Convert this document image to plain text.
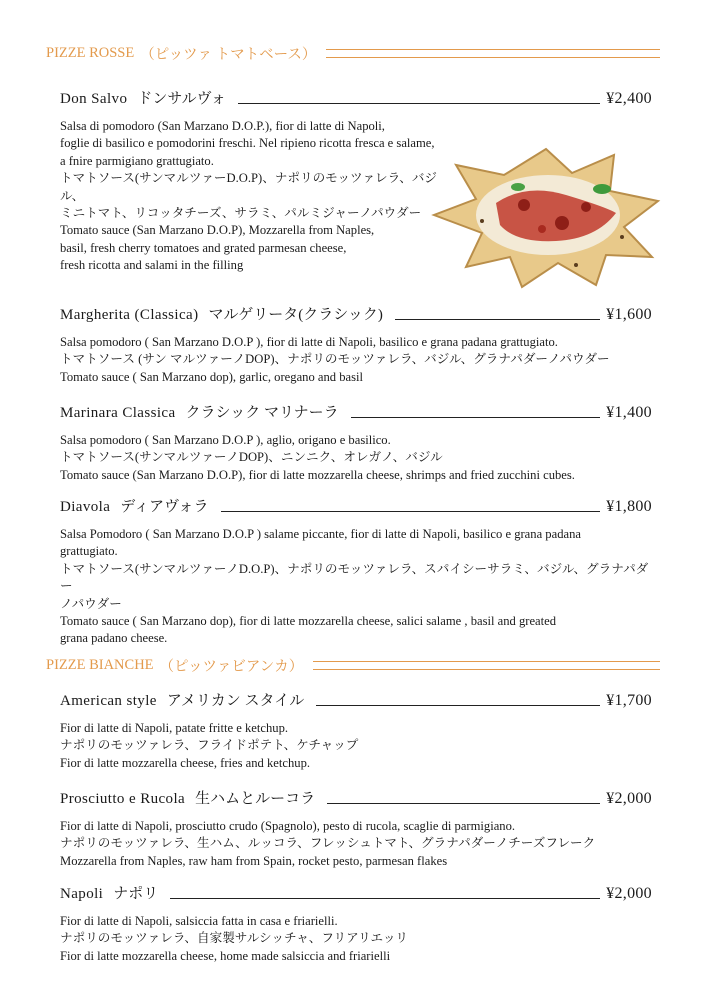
PIZZE ROSSE （ピッツァ トマトベース）
Don Salvo ドンサルヴォ	¥2,400
Salsa di pomodoro (San Marzano D.O.P.), fior di latte di Napoli,
foglie di basilico e pomodorini freschi. Nel ripieno ricotta fresca e salame,
a fnire parmigiano grattugiato.
トマトソース(サンマルツァーD.O.P)、ナポリのモッツァレラ、バジル、
ミニトマト、リコッタチーズ、サラミ、パルミジャーノパウダー
Tomato sauce (San Marzano D.O.P), Mozzarella from Naples,
basil, fresh cherry tomatoes and grated parmesan cheese,
fresh ricotta and salami in the filling
Margherita (Classica) マルゲリータ(クラシック)	¥1,600
Salsa pomodoro ( San Marzano D.O.P ), fior di latte di Napoli, basilico e grana padana grattugiato.
トマトソース (サン マルツァーノDOP)、ナポリのモッツァレラ、バジル、グラナパダーノパウダー
Tomato sauce ( San Marzano dop), garlic, oregano and basil
Marinara Classica クラシック マリナーラ	¥1,400
Salsa pomodoro ( San Marzano D.O.P ), aglio, origano e basilico.
トマトソース(サンマルツァーノDOP)、ニンニク、オレガノ、バジル
Tomato sauce (San Marzano D.O.P), fior di latte mozzarella cheese, shrimps and fried zucchini cubes.
Diavola ディアヴォラ	¥1,800
Salsa Pomodoro ( San Marzano D.O.P ) salame piccante, fior di latte di Napoli, basilico e grana padana
grattugiato.
トマトソース(サンマルツァーノD.O.P)、ナポリのモッツァレラ、スパイシーサラミ、バジル、グラナパダー
ノパウダー
Tomato sauce ( San Marzano dop), fior di latte mozzarella cheese, salici salame , basil and greated
grana padano cheese.
PIZZE BIANCHE （ピッツァビアンカ）
American style アメリカン スタイル	¥1,700
Fior di latte di Napoli, patate fritte e ketchup.
ナポリのモッツァレラ、フライドポテト、ケチャップ
Fior di latte mozzarella cheese, fries and ketchup.
Prosciutto e Rucola 生ハムとルーコラ	¥2,000
Fior di latte di Napoli, prosciutto crudo (Spagnolo), pesto di rucola, scaglie di parmigiano.
ナポリのモッツァレラ、生ハム、ルッコラ、フレッシュトマト、グラナパダーノチーズフレーク
Mozzarella from Naples, raw ham from Spain, rocket pesto, parmesan flakes
Napoli ナポリ	¥2,000
Fior di latte di Napoli, salsiccia fatta in casa e friarielli.
ナポリのモッツァレラ、自家製サルシッチャ、フリアリエッリ
Fior di latte mozzarella cheese, home made salsiccia and friarielli
